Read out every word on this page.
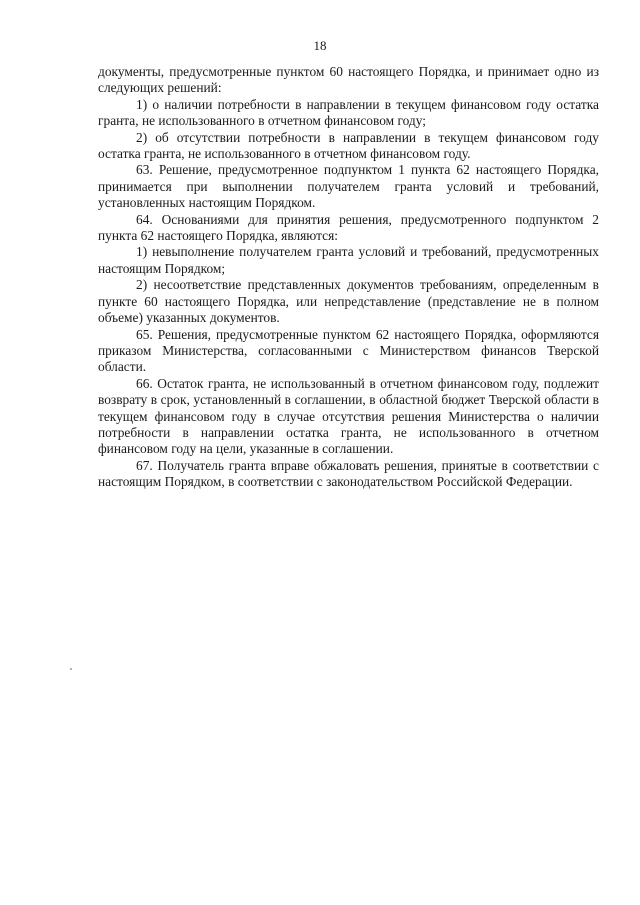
18

документы, предусмотренные пунктом 60 настоящего Порядка, и принимает одно из следующих решений:

1) о наличии потребности в направлении в текущем финансовом году остатка гранта, не использованного в отчетном финансовом году;

2) об отсутствии потребности в направлении в текущем финансовом году остатка гранта, не использованного в отчетном финансовом году.

63. Решение, предусмотренное подпунктом 1 пункта 62 настоящего Порядка, принимается при выполнении получателем гранта условий и требований, установленных настоящим Порядком.

64. Основаниями для принятия решения, предусмотренного подпунктом 2 пункта 62 настоящего Порядка, являются:

1) невыполнение получателем гранта условий и требований, предусмотренных настоящим Порядком;

2) несоответствие представленных документов требованиям, определенным в пункте 60 настоящего Порядка, или непредставление (представление не в полном объеме) указанных документов.

65. Решения, предусмотренные пунктом 62 настоящего Порядка, оформляются приказом Министерства, согласованными с Министерством финансов Тверской области.

66. Остаток гранта, не использованный в отчетном финансовом году, подлежит возврату в срок, установленный в соглашении, в областной бюджет Тверской области в текущем финансовом году в случае отсутствия решения Министерства о наличии потребности в направлении остатка гранта, не использованного в отчетном финансовом году на цели, указанные в соглашении.

67. Получатель гранта вправе обжаловать решения, принятые в соответствии с настоящим Порядком, в соответствии с законодательством Российской Федерации.
